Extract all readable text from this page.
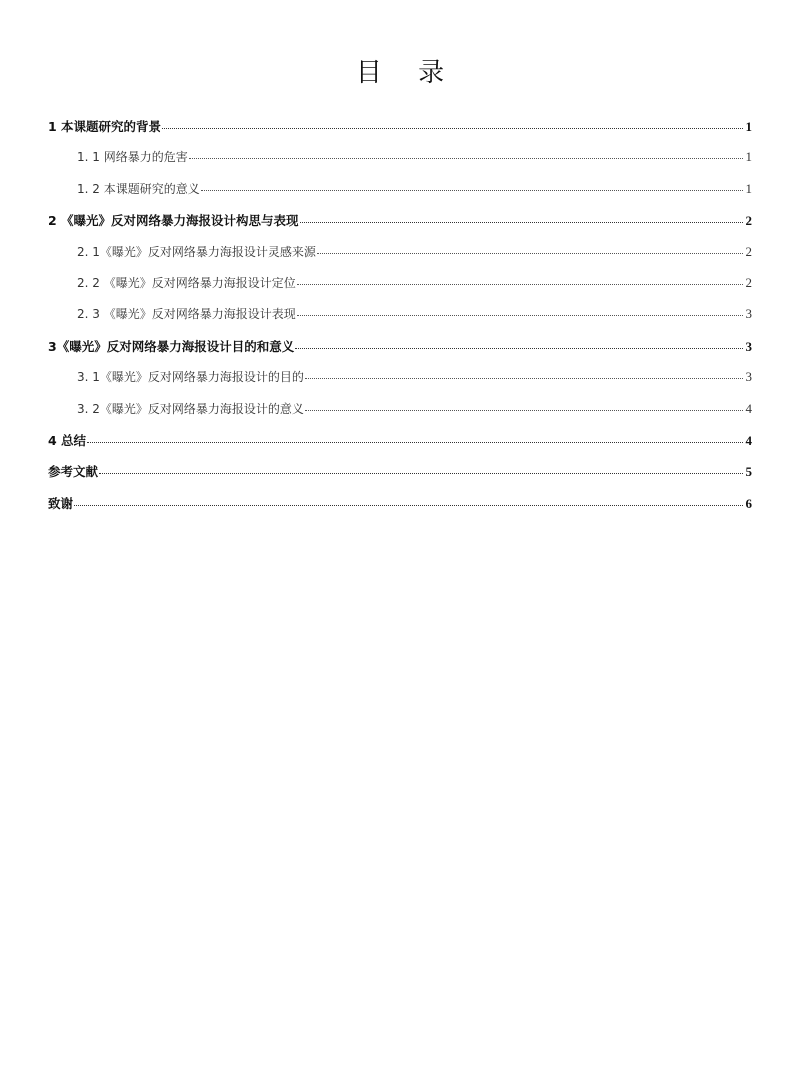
目 录
1 本课题研究的背景	1
1. 1 网络暴力的危害	1
1. 2 本课题研究的意义	1
2 《曝光》反对网络暴力海报设计构思与表现	2
2. 1《曝光》反对网络暴力海报设计灵感来源	2
2. 2 《曝光》反对网络暴力海报设计定位	2
2. 3 《曝光》反对网络暴力海报设计表现	3
3《曝光》反对网络暴力海报设计目的和意义	3
3. 1《曝光》反对网络暴力海报设计的目的	3
3. 2《曝光》反对网络暴力海报设计的意义	4
4 总结	4
参考文献	5
致谢	6
